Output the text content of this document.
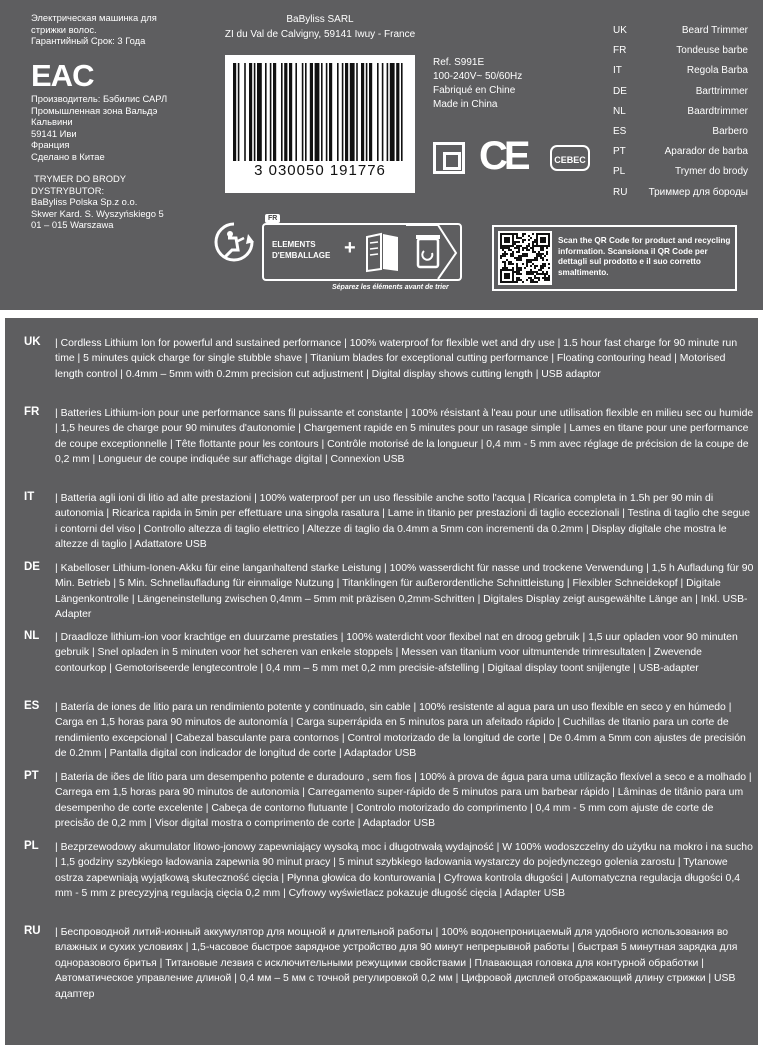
Электрическая машинка для
стрижки волос.
Гарантийный Срок: 3 Года
EAC
Производитель: Бэбилис САРЛ
Промышленная зона Вальдэ
Кальвини
59141 Иви
Франция
Сделано в Китае
TRYMER DO BRODY
DYSTRYBUTOR:
BaByliss Polska Sp.z o.o.
Skwer Kard. S. Wyszyńskiego 5
01 – 015 Warszawa
BaByliss SARL
ZI du Val de Calvigny, 59141 Iwuy - France
3 030050 191776
Ref. S991E
100-240V~ 50/60Hz
Fabriqué en Chine
Made in China
CE	CEBEC
UK	Beard Trimmer
FR	Tondeuse barbe
IT	Regola Barba
DE	Barttrimmer
NL	Baardtrimmer
ES	Barbero
PT	Aparador de barba
PL	Trymer do brody
RU Триммер для бороды
FR
ELEMENTS
D'EMBALLAGE +
Séparez les éléments avant de trier
Scan the QR Code for product and recycling information. Scansiona il QR Code per dettagli sul prodotto e il suo corretto smaltimento.
UK | Cordless Lithium Ion for powerful and sustained performance | 100% waterproof for flexible wet and dry use | 1.5 hour fast charge for 90 minute run time | 5 minutes quick charge for single stubble shave | Titanium blades for exceptional cutting performance | Floating contouring head | Motorised length control | 0.4mm – 5mm with 0.2mm precision cut adjustment | Digital display shows cutting length | USB adaptor
FR | Batteries Lithium-ion pour une performance sans fil puissante et constante | 100% résistant à l'eau pour une utilisation flexible en milieu sec ou humide | 1,5 heures de charge pour 90 minutes d'autonomie | Chargement rapide en 5 minutes pour un rasage simple | Lames en titane pour une performance de coupe exceptionnelle | Tête flottante pour les contours | Contrôle motorisé de la longueur | 0,4 mm - 5 mm avec réglage de précision de la coupe de 0,2 mm | Longueur de coupe indiquée sur affichage digital | Connexion USB
IT | Batteria agli ioni di litio ad alte prestazioni | 100% waterproof per un uso flessibile anche sotto l'acqua | Ricarica completa in 1.5h per 90 min di autonomia | Ricarica rapida in 5min per effettuare una singola rasatura | Lame in titanio per prestazioni di taglio eccezionali | Testina di taglio che segue i contorni del viso | Controllo altezza di taglio elettrico | Altezze di taglio da 0.4mm a 5mm con incrementi da 0.2mm | Display digitale che mostra le altezze di taglio | Adattatore USB
DE | Kabelloser Lithium-Ionen-Akku für eine langanhaltend starke Leistung | 100% wasserdicht für nasse und trockene Verwendung | 1,5 h Aufladung für 90 Min. Betrieb | 5 Min. Schnellaufladung für einmalige Nutzung | Titanklingen für außerordentliche Schnittleistung | Flexibler Schneidekopf | Digitale Längenkontrolle | Längeneinstellung zwischen 0,4mm – 5mm mit präzisen 0,2mm-Schritten | Digitales Display zeigt ausgewählte Länge an | Inkl. USB-Adapter
NL | Draadloze lithium-ion voor krachtige en duurzame prestaties | 100% waterdicht voor flexibel nat en droog gebruik | 1,5 uur opladen voor 90 minuten gebruik | Snel opladen in 5 minuten voor het scheren van enkele stoppels | Messen van titanium voor uitmuntende trimresultaten | Zwevende contourkop | Gemotoriseerde lengtecontrole | 0,4 mm – 5 mm met 0,2 mm precisie-afstelling | Digitaal display toont snijlengte | USB-adapter
ES | Batería de iones de litio para un rendimiento potente y continuado, sin cable | 100% resistente al agua para un uso flexible en seco y en húmedo | Carga en 1,5 horas para 90 minutos de autonomía | Carga superrápida en 5 minutos para un afeitado rápido | Cuchillas de titanio para un corte de rendimiento excepcional | Cabezal basculante para contornos | Control motorizado de la longitud de corte | De 0.4mm a 5mm con ajustes de precisión de 0.2mm | Pantalla digital con indicador de longitud de corte | Adaptador USB
PT | Bateria de iões de lítio para um desempenho potente e duradouro , sem fios | 100% à prova de água para uma utilização flexível a seco e a molhado | Carrega em 1,5 horas para 90 minutos de autonomia | Carregamento super-rápido de 5 minutos para um barbear rápido | Lâminas de titânio para um desempenho de corte excelente | Cabeça de contorno flutuante | Controlo motorizado do comprimento | 0,4 mm - 5 mm com ajuste de corte de precisão de 0,2 mm | Visor digital mostra o comprimento de corte | Adaptador USB
PL | Bezprzewodowy akumulator litowo-jonowy zapewniający wysoką moc i długotrwałą wydajność | W 100% wodoszczelny do użytku na mokro i na sucho | 1,5 godziny szybkiego ładowania zapewnia 90 minut pracy | 5 minut szybkiego ładowania wystarczy do pojedynczego golenia zarostu | Tytanowe ostrza zapewniają wyjątkową skuteczność cięcia | Płynna głowica do konturowania | Cyfrowa kontrola długości | Automatyczna regulacja długości 0,4 mm - 5 mm z precyzyjną regulacją cięcia 0,2 mm | Cyfrowy wyświetlacz pokazuje długość cięcia | Adapter USB
RU | Беспроводной литий-ионный аккумулятор для мощной и длительной работы | 100% водонепроницаемый для удобного использования во влажных и сухих условиях | 1,5-часовое быстрое зарядное устройство для 90 минут непрерывной работы | быстрая 5 минутная зарядка для одноразового бритья | Титановые лезвия с исключительными режущими свойствами | Плавающая головка для контурной обработки | Автоматическое управление длиной | 0,4 мм – 5 мм с точной регулировкой 0,2 мм | Цифровой дисплей отображающий длину стрижки | USB адаптер
